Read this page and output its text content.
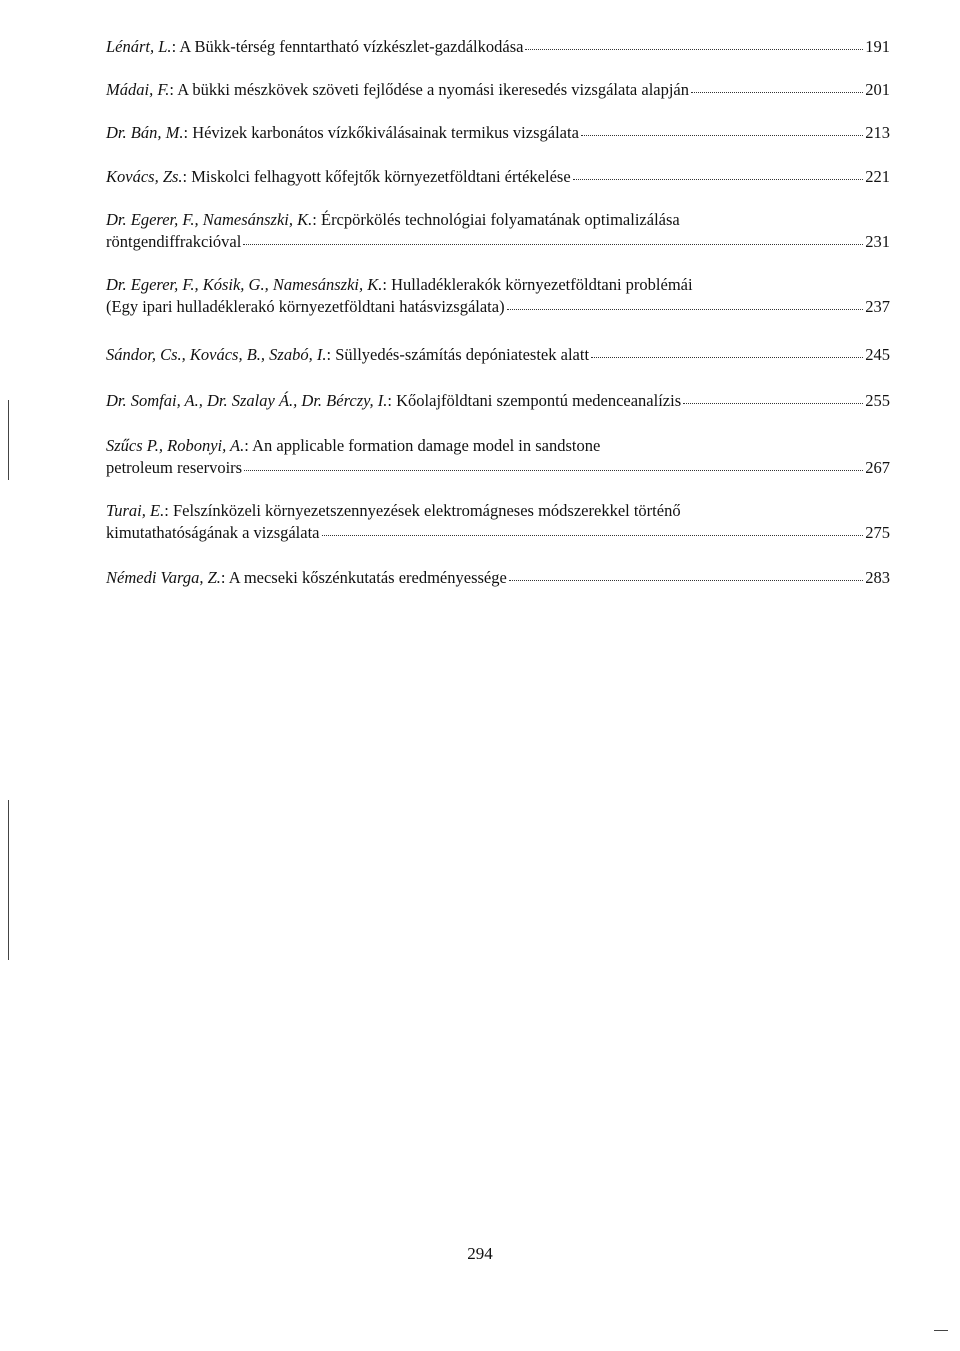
Lénárt, L. : A Bükk-térség fenntartható vízkészlet-gazdálkodása	191
Mádai, F. : A bükki mészkövek szöveti fejlődése a nyomási ikeresedés vizsgálata alapján	201
Dr. Bán, M. : Hévizek karbonátos vízkőkiválásainak termikus vizsgálata	213
Kovács, Zs. : Miskolci felhagyott kőfejtők környezetföldtani értékelése	221
Dr. Egerer, F., Namesánszki, K. : Ércpörkölés technológiai folyamatának optimalizálása
röntgendiffrakcióval	231
Dr. Egerer, F., Kósik, G., Namesánszki, K. : Hulladéklerakók környezetföldtani problémái
(Egy ipari hulladéklerakó környezetföldtani hatásvizsgálata)	237
Sándor, Cs., Kovács, B., Szabó, I. : Süllyedés-számítás depóniatestek alatt	245
Dr. Somfai, A., Dr. Szalay Á., Dr. Bérczy, I. : Kőolajföldtani szempontú medenceanalízis	255
Szűcs P., Robonyi, A. : An applicable formation damage model in sandstone
petroleum reservoirs	267
Turai, E. : Felszínközeli környezetszennyezések elektromágneses módszerekkel történő
kimutathatóságának a vizsgálata	275
Némedi Varga, Z. : A mecseki kőszénkutatás eredményessége	283
294
